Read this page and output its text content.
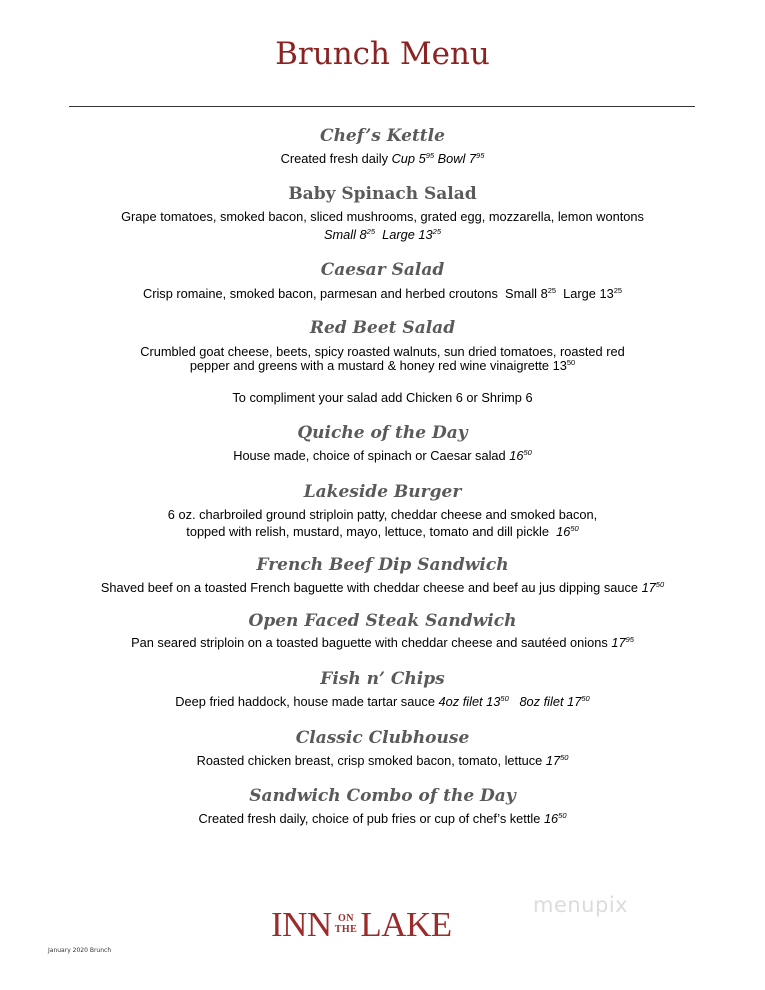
Brunch Menu
Chef’s Kettle
Created fresh daily Cup $5^{95}$ Bowl $7^{95}$
Baby Spinach Salad
Grape tomatoes, smoked bacon, sliced mushrooms, grated egg, mozzarella, lemon wontons
Small $8^{25}$ Large $13^{25}$
Caesar Salad
Crisp romaine, smoked bacon, parmesan and herbed croutons Small $8^{25}$ Large $13^{25}$
Red Beet Salad
Crumbled goat cheese, beets, spicy roasted walnuts, sun dried tomatoes, roasted red
pepper and greens with a mustard & honey red wine vinaigrette $13^{50}$
To compliment your salad add Chicken 6 or Shrimp 6
Quiche of the Day
House made, choice of spinach or Caesar salad $16^{50}$
Lakeside Burger
6 oz. charbroiled ground striploin patty, cheddar cheese and smoked bacon,
topped with relish, mustard, mayo, lettuce, tomato and dill pickle $16^{50}$
French Beef Dip Sandwich
Shaved beef on a toasted French baguette with cheddar cheese and beef au jus dipping sauce $17^{50}$
Open Faced Steak Sandwich
Pan seared striploin on a toasted baguette with cheddar cheese and sautéed onions $17^{95}$
Fish n’ Chips
Deep fried haddock, house made tartar sauce 4oz filet $13^{50}$ 8oz filet $17^{50}$
Classic Clubhouse
Roasted chicken breast, crisp smoked bacon, tomato, lettuce $17^{50}$
Sandwich Combo of the Day
Created fresh daily, choice of pub fries or cup of chef’s kettle $16^{50}$
menupix
INN ON
THELAKE
January 2020 Brunch
